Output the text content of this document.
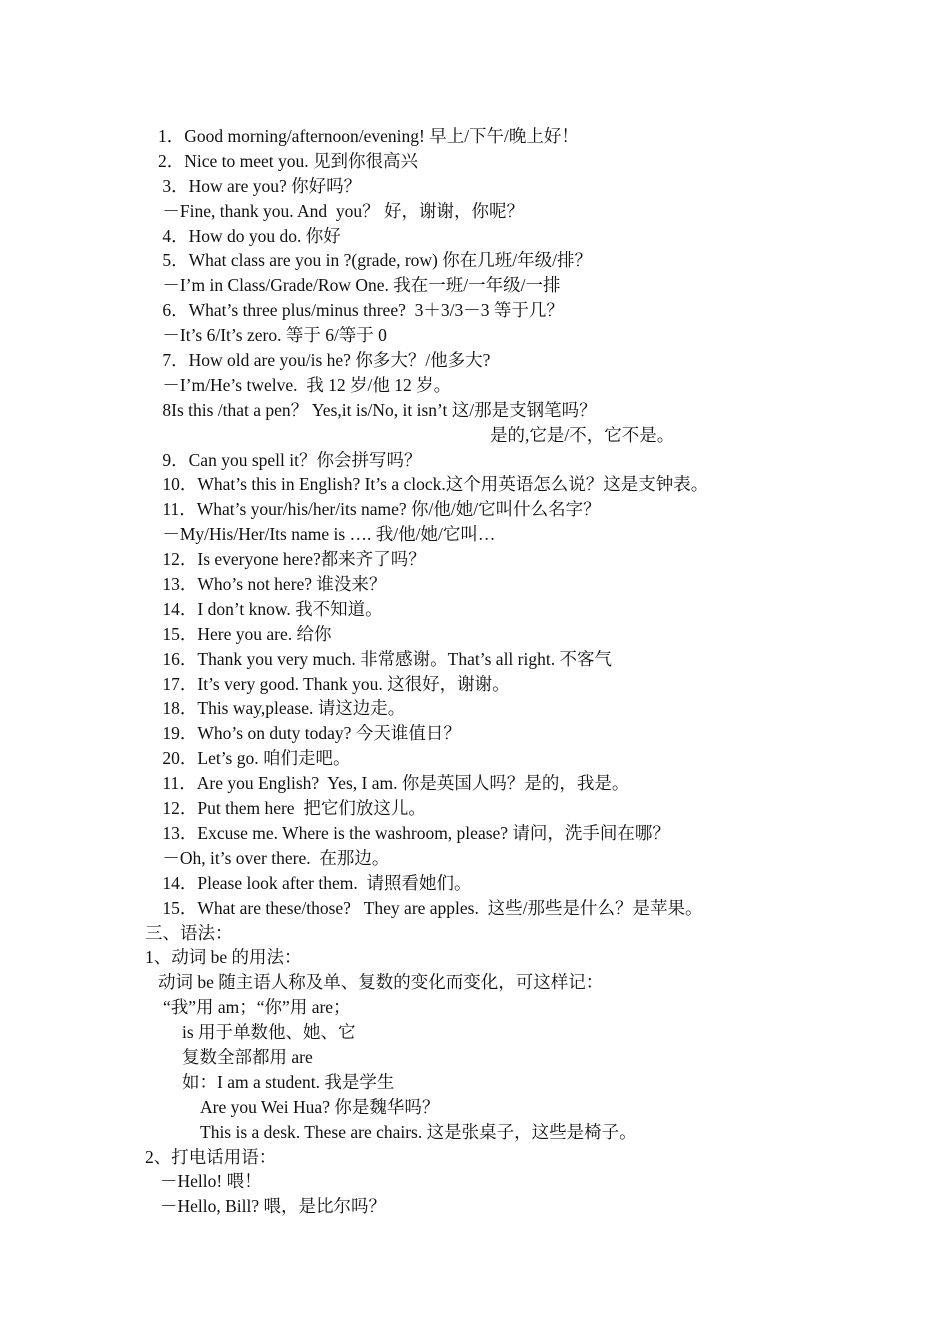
1．Good morning/afternoon/evening! 早上/下午/晚上好！
2．Nice to meet you. 见到你很高兴
3．How are you? 你好吗？
－Fine, thank you. And  you？ 好，谢谢，你呢？
4．How do you do. 你好
5．What class are you in ?(grade, row) 你在几班/年级/排？
－I’m in Class/Grade/Row One. 我在一班/一年级/一排
6．What’s three plus/minus three?  3＋3/3－3 等于几？
－It’s 6/It’s zero. 等于 6/等于 0
7．How old are you/is he? 你多大？/他多大?
－I’m/He’s twelve.  我 12 岁/他 12 岁。
8Is this /that a pen？ Yes,it is/No, it isn’t 这/那是支钢笔吗？
是的,它是/不，它不是。
9．Can you spell it？你会拼写吗？
10．What’s this in English? It’s a clock.这个用英语怎么说？这是支钟表。
11．What’s your/his/her/its name? 你/他/她/它叫什么名字？
－My/His/Her/Its name is …. 我/他/她/它叫…
12．Is everyone here?都来齐了吗？
13．Who’s not here? 谁没来？
14．I don’t know. 我不知道。
15．Here you are. 给你
16．Thank you very much. 非常感谢。That’s all right. 不客气
17．It’s very good. Thank you. 这很好，谢谢。
18．This way,please. 请这边走。
19．Who’s on duty today? 今天谁值日？
20．Let’s go. 咱们走吧。
11．Are you English?  Yes, I am. 你是英国人吗？是的，我是。
12．Put them here  把它们放这儿。
13．Excuse me. Where is the washroom, please? 请问，洗手间在哪？
－Oh, it’s over there.  在那边。
14．Please look after them.  请照看她们。
15．What are these/those?   They are apples.  这些/那些是什么？是苹果。
三、语法：
1、动词 be 的用法：
动词 be 随主语人称及单、复数的变化而变化，可这样记：
“我”用 am；“你”用 are；
is 用于单数他、她、它
复数全部都用 are
如：I am a student. 我是学生
Are you Wei Hua? 你是魏华吗？
This is a desk. These are chairs. 这是张桌子，这些是椅子。
2、打电话用语：
－Hello! 喂！
－Hello, Bill? 喂，是比尔吗？
